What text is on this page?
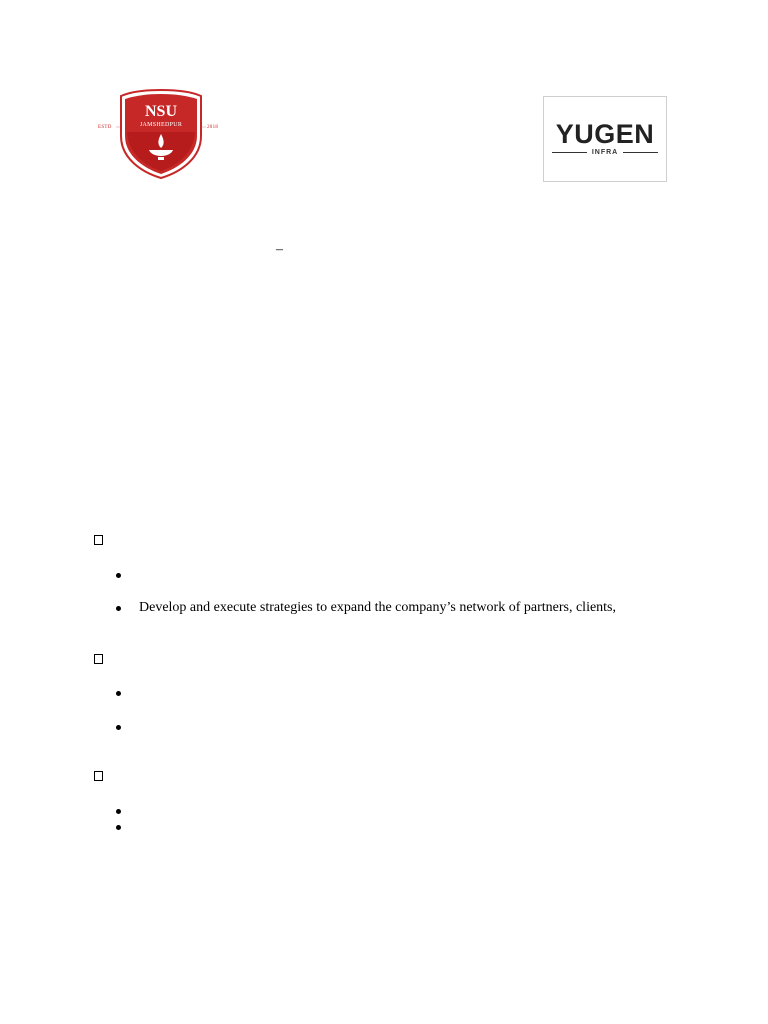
ESTD	2018
NSU
JAMSHEDPUR	YUGEN
INFRA
–
Develop and execute strategies to expand the company’s network of partners, clients,
